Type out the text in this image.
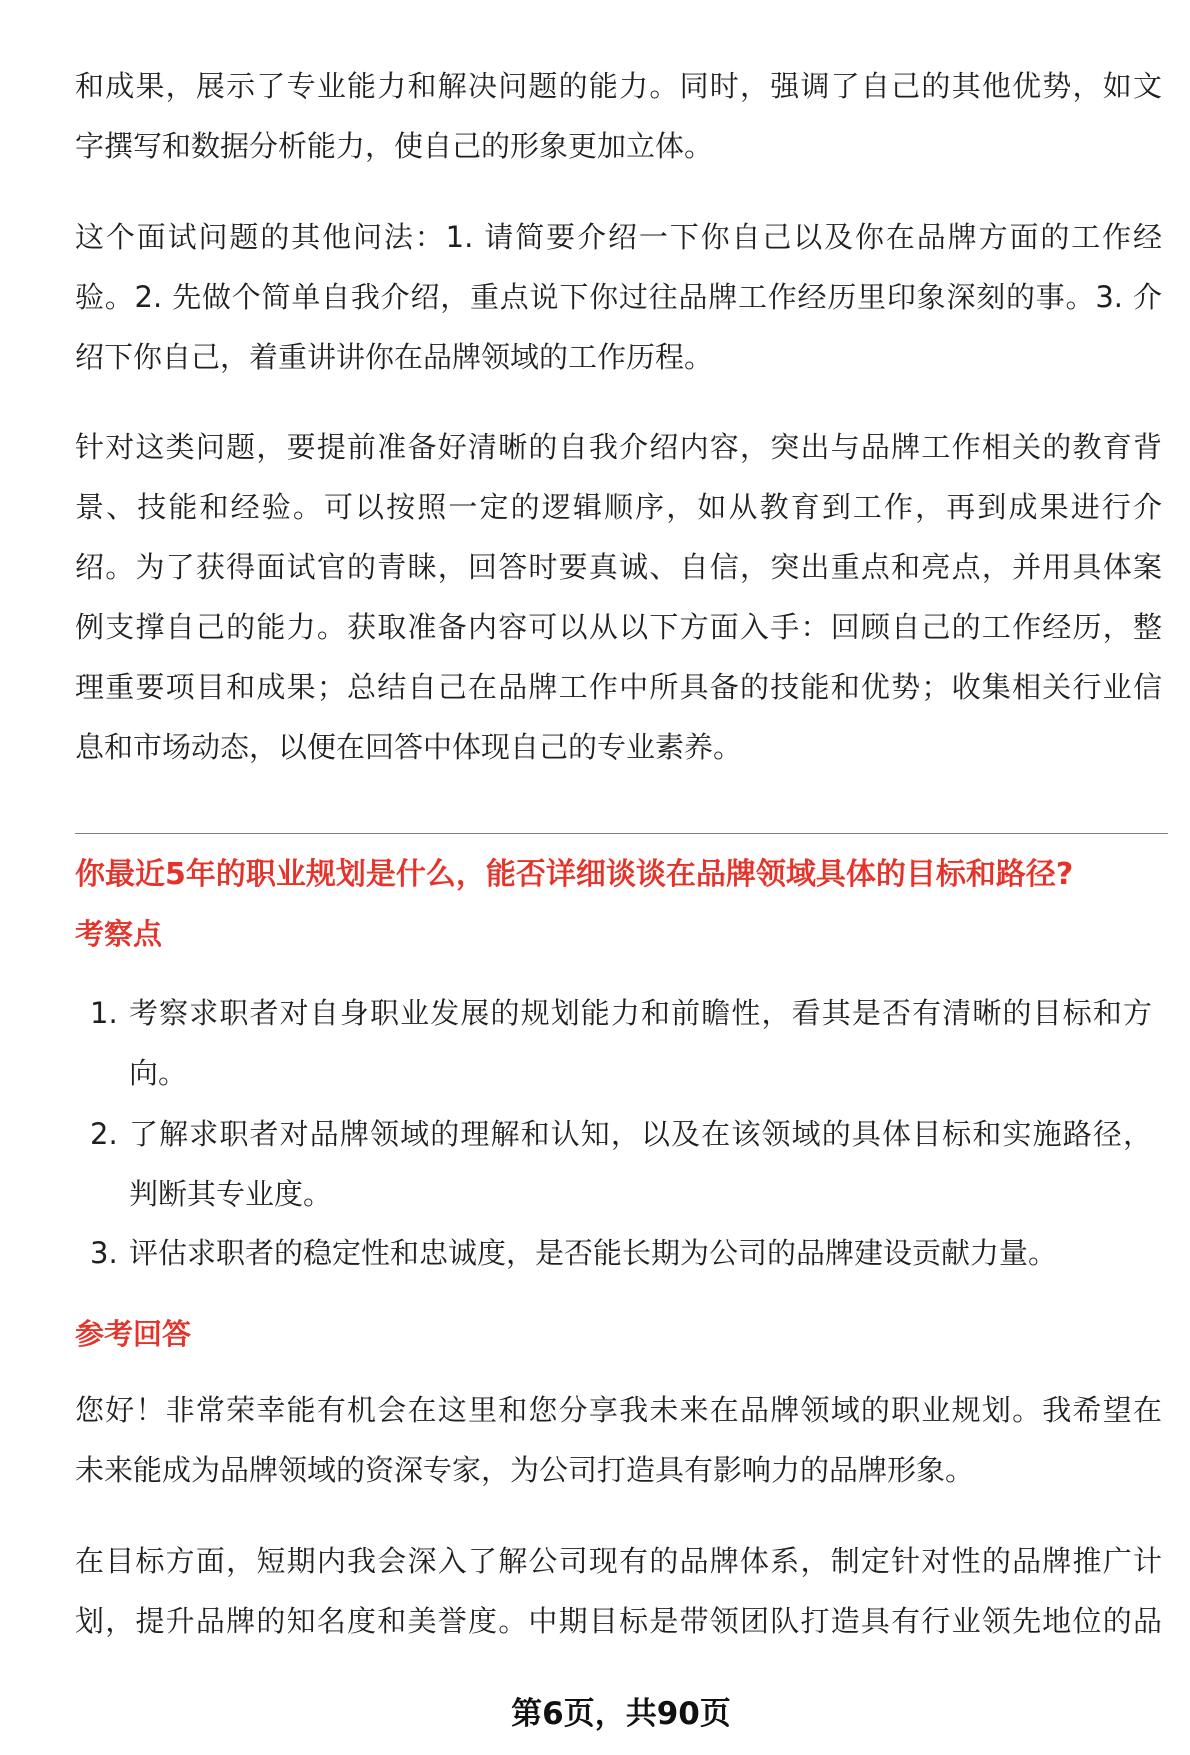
和成果，展示了专业能力和解决问题的能力。同时，强调了自己的其他优势，如文
字撰写和数据分析能力，使自己的形象更加立体。
这个面试问题的其他问法：1. 请简要介绍一下你自己以及你在品牌方面的工作经
验。2. 先做个简单自我介绍，重点说下你过往品牌工作经历里印象深刻的事。3. 介
绍下你自己，着重讲讲你在品牌领域的工作历程。
针对这类问题，要提前准备好清晰的自我介绍内容，突出与品牌工作相关的教育背
景、技能和经验。可以按照一定的逻辑顺序，如从教育到工作，再到成果进行介
绍。为了获得面试官的青睐，回答时要真诚、自信，突出重点和亮点，并用具体案
例支撑自己的能力。获取准备内容可以从以下方面入手：回顾自己的工作经历，整
理重要项目和成果；总结自己在品牌工作中所具备的技能和优势；收集相关行业信
息和市场动态，以便在回答中体现自己的专业素养。
你最近5年的职业规划是什么，能否详细谈谈在品牌领域具体的目标和路径?
考察点
1. 考察求职者对自身职业发展的规划能力和前瞻性，看其是否有清晰的目标和方
向。
2. 了解求职者对品牌领域的理解和认知，以及在该领域的具体目标和实施路径，
判断其专业度。
3. 评估求职者的稳定性和忠诚度，是否能长期为公司的品牌建设贡献力量。
参考回答
您好！非常荣幸能有机会在这里和您分享我未来在品牌领域的职业规划。我希望在
未来能成为品牌领域的资深专家，为公司打造具有影响力的品牌形象。
在目标方面，短期内我会深入了解公司现有的品牌体系，制定针对性的品牌推广计
划，提升品牌的知名度和美誉度。中期目标是带领团队打造具有行业领先地位的品
第6页，共90页
